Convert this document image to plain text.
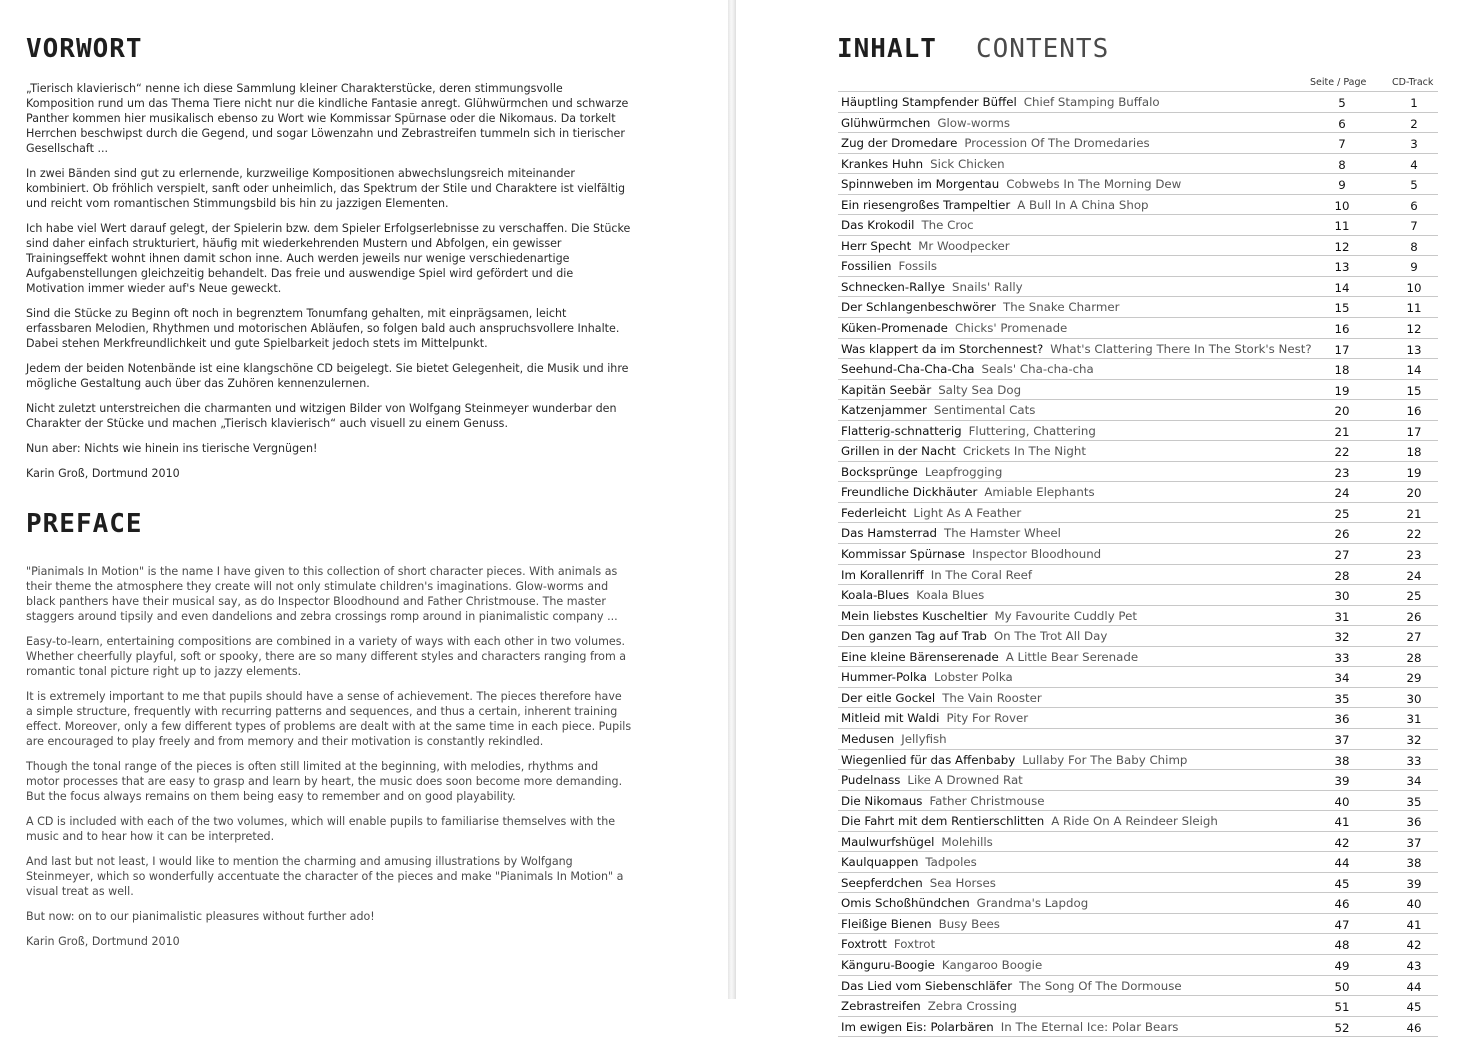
VORWORT

„Tierisch klavierisch“ nenne ich diese Sammlung kleiner Charakterstücke, deren stimmungsvolle Komposition rund um das Thema Tiere nicht nur die kindliche Fantasie anregt. Glühwürmchen und schwarze Panther kommen hier musikalisch ebenso zu Wort wie Kommissar Spürnase oder die Nikomaus. Da torkelt Herrchen beschwipst durch die Gegend, und sogar Löwenzahn und Zebrastreifen tummeln sich in tierischer Gesellschaft ...

In zwei Bänden sind gut zu erlernende, kurzweilige Kompositionen abwechslungsreich miteinander kombiniert. Ob fröhlich verspielt, sanft oder unheimlich, das Spektrum der Stile und Charaktere ist vielfältig und reicht vom romantischen Stimmungsbild bis hin zu jazzigen Elementen.

Ich habe viel Wert darauf gelegt, der Spielerin bzw. dem Spieler Erfolgserlebnisse zu verschaffen. Die Stücke sind daher einfach strukturiert, häufig mit wiederkehrenden Mustern und Abfolgen, ein gewisser Trainingseffekt wohnt ihnen damit schon inne. Auch werden jeweils nur wenige verschiedenartige Aufgabenstellungen gleichzeitig behandelt. Das freie und auswendige Spiel wird gefördert und die Motivation immer wieder auf's Neue geweckt.

Sind die Stücke zu Beginn oft noch in begrenztem Tonumfang gehalten, mit einprägsamen, leicht erfassbaren Melodien, Rhythmen und motorischen Abläufen, so folgen bald auch anspruchsvollere Inhalte. Dabei stehen Merkfreundlichkeit und gute Spielbarkeit jedoch stets im Mittelpunkt.

Jedem der beiden Notenbände ist eine klangschöne CD beigelegt. Sie bietet Gelegenheit, die Musik und ihre mögliche Gestaltung auch über das Zuhören kennenzulernen.

Nicht zuletzt unterstreichen die charmanten und witzigen Bilder von Wolfgang Steinmeyer wunderbar den Charakter der Stücke und machen „Tierisch klavierisch“ auch visuell zu einem Genuss.

Nun aber: Nichts wie hinein ins tierische Vergnügen!

Karin Groß, Dortmund 2010

PREFACE

"Pianimals In Motion" is the name I have given to this collection of short character pieces. With animals as their theme the atmosphere they create will not only stimulate children's imaginations. Glow-worms and black panthers have their musical say, as do Inspector Bloodhound and Father Christmouse. The master staggers around tipsily and even dandelions and zebra crossings romp around in pianimalistic company ...

Easy-to-learn, entertaining compositions are combined in a variety of ways with each other in two volumes. Whether cheerfully playful, soft or spooky, there are so many different styles and characters ranging from a romantic tonal picture right up to jazzy elements.

It is extremely important to me that pupils should have a sense of achievement. The pieces therefore have a simple structure, frequently with recurring patterns and sequences, and thus a certain, inherent training effect. Moreover, only a few different types of problems are dealt with at the same time in each piece. Pupils are encouraged to play freely and from memory and their motivation is constantly rekindled.

Though the tonal range of the pieces is often still limited at the beginning, with melodies, rhythms and motor processes that are easy to grasp and learn by heart, the music does soon become more demanding. But the focus always remains on them being easy to remember and on good playability.

A CD is included with each of the two volumes, which will enable pupils to familiarise themselves with the music and to hear how it can be interpreted.

And last but not least, I would like to mention the charming and amusing illustrations by Wolfgang Steinmeyer, which so wonderfully accentuate the character of the pieces and make "Pianimals In Motion" a visual treat as well.

But now: on to our pianimalistic pleasures without further ado!

Karin Groß, Dortmund 2010

INHALT CONTENTS
Seite / Page	CD-Track
Häuptling Stampfender Büffel Chief Stamping Buffalo	5	1
Glühwürmchen Glow-worms	6	2
Zug der Dromedare Procession Of The Dromedaries	7	3
Krankes Huhn Sick Chicken	8	4
Spinnweben im Morgentau Cobwebs In The Morning Dew	9	5
Ein riesengroßes Trampeltier A Bull In A China Shop	10	6
Das Krokodil The Croc	11	7
Herr Specht Mr Woodpecker	12	8
Fossilien Fossils	13	9
Schnecken-Rallye Snails' Rally	14	10
Der Schlangenbeschwörer The Snake Charmer	15	11
Küken-Promenade Chicks' Promenade	16	12
Was klappert da im Storchennest? What's Clattering There In The Stork's Nest?	17	13
Seehund-Cha-Cha-Cha Seals' Cha-cha-cha	18	14
Kapitän Seebär Salty Sea Dog	19	15
Katzenjammer Sentimental Cats	20	16
Flatterig-schnatterig Fluttering, Chattering	21	17
Grillen in der Nacht Crickets In The Night	22	18
Bocksprünge Leapfrogging	23	19
Freundliche Dickhäuter Amiable Elephants	24	20
Federleicht Light As A Feather	25	21
Das Hamsterrad The Hamster Wheel	26	22
Kommissar Spürnase Inspector Bloodhound	27	23
Im Korallenriff In The Coral Reef	28	24
Koala-Blues Koala Blues	30	25
Mein liebstes Kuscheltier My Favourite Cuddly Pet	31	26
Den ganzen Tag auf Trab On The Trot All Day	32	27
Eine kleine Bärenserenade A Little Bear Serenade	33	28
Hummer-Polka Lobster Polka	34	29
Der eitle Gockel The Vain Rooster	35	30
Mitleid mit Waldi Pity For Rover	36	31
Medusen Jellyfish	37	32
Wiegenlied für das Affenbaby Lullaby For The Baby Chimp	38	33
Pudelnass Like A Drowned Rat	39	34
Die Nikomaus Father Christmouse	40	35
Die Fahrt mit dem Rentierschlitten A Ride On A Reindeer Sleigh	41	36
Maulwurfshügel Molehills	42	37
Kaulquappen Tadpoles	44	38
Seepferdchen Sea Horses	45	39
Omis Schoßhündchen Grandma's Lapdog	46	40
Fleißige Bienen Busy Bees	47	41
Foxtrott Foxtrot	48	42
Känguru-Boogie Kangaroo Boogie	49	43
Das Lied vom Siebenschläfer The Song Of The Dormouse	50	44
Zebrastreifen Zebra Crossing	51	45
Im ewigen Eis: Polarbären In The Eternal Ice: Polar Bears	52	46
